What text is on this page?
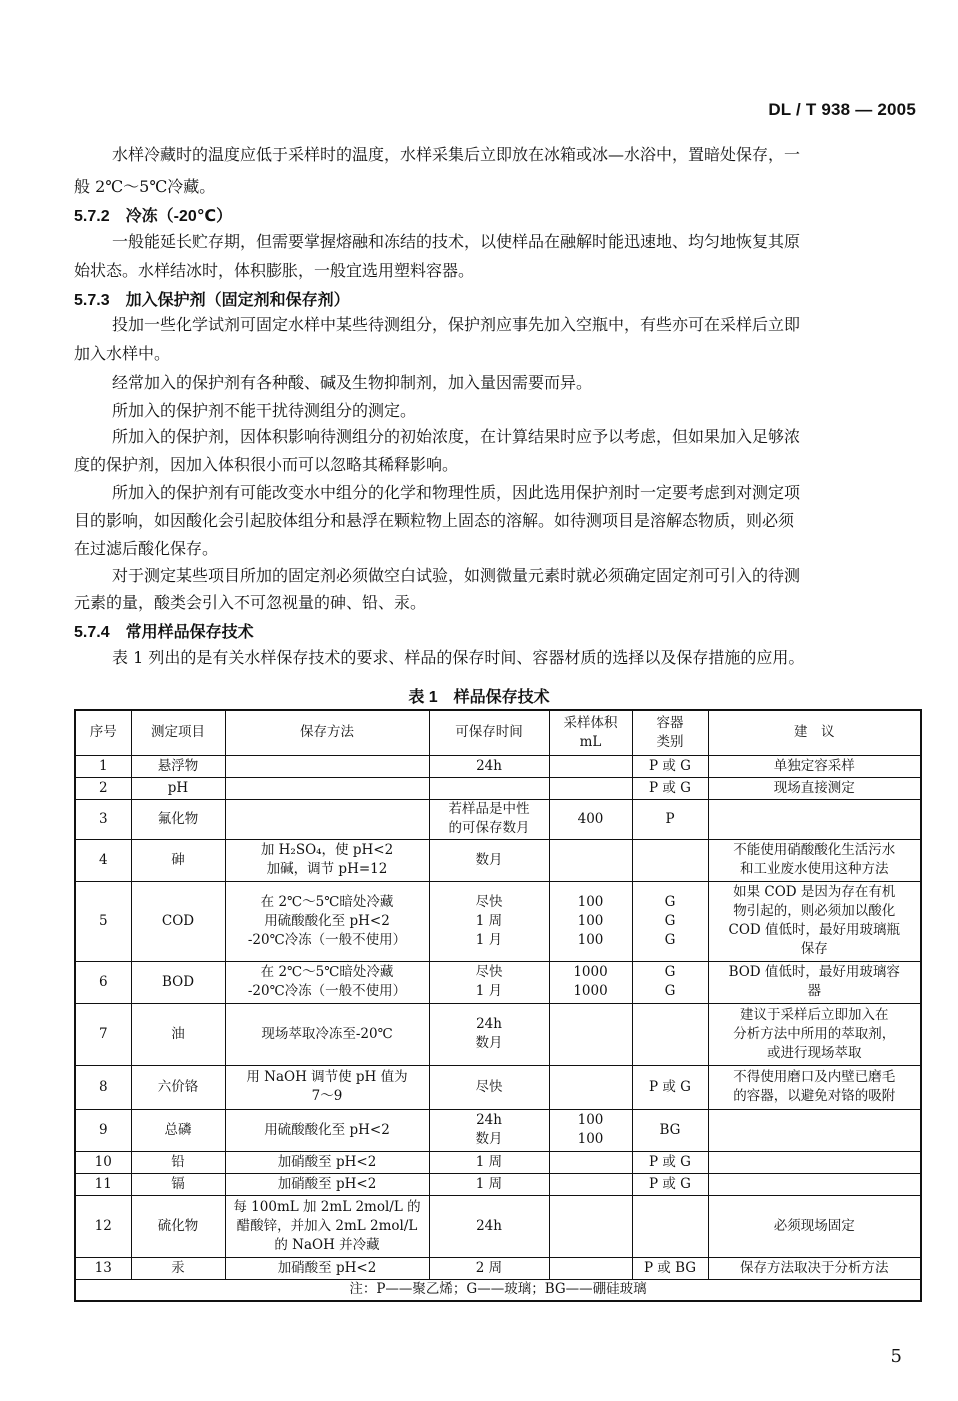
DL / T 938 — 2005
水样冷藏时的温度应低于采样时的温度，水样采集后立即放在冰箱或冰—水浴中，置暗处保存，一
般 2℃～5℃冷藏。
5.7.2　冷冻（-20℃）
一般能延长贮存期，但需要掌握熔融和冻结的技术，以使样品在融解时能迅速地、均匀地恢复其原
始状态。水样结冰时，体积膨胀，一般宜选用塑料容器。
5.7.3　加入保护剂（固定剂和保存剂）
投加一些化学试剂可固定水样中某些待测组分，保护剂应事先加入空瓶中，有些亦可在采样后立即
加入水样中。
经常加入的保护剂有各种酸、碱及生物抑制剂，加入量因需要而异。
所加入的保护剂不能干扰待测组分的测定。
所加入的保护剂，因体积影响待测组分的初始浓度，在计算结果时应予以考虑，但如果加入足够浓
度的保护剂，因加入体积很小而可以忽略其稀释影响。
所加入的保护剂有可能改变水中组分的化学和物理性质，因此选用保护剂时一定要考虑到对测定项
目的影响，如因酸化会引起胶体组分和悬浮在颗粒物上固态的溶解。如待测项目是溶解态物质，则必须
在过滤后酸化保存。
对于测定某些项目所加的固定剂必须做空白试验，如测微量元素时就必须确定固定剂可引入的待测
元素的量，酸类会引入不可忽视量的砷、铅、汞。
5.7.4　常用样品保存技术
表 1 列出的是有关水样保存技术的要求、样品的保存时间、容器材质的选择以及保存措施的应用。
表 1　样品保存技术
序号	测定项目	保存方法	可保存时间	采样体积
mL	容器
类别	建　议
1	悬浮物		24h		P 或 G	单独定容采样
2	pH				P 或 G	现场直接测定
3	氟化物		若样品是中性
的可保存数月	400	P	
4	砷	加 H₂SO₄，使 pH<2
加碱，调节 pH=12	数月			不能使用硝酸酸化生活污水
和工业废水使用这种方法
5	COD	在 2℃～5℃暗处冷藏
用硫酸酸化至 pH<2
-20℃冷冻（一般不使用）	尽快
1 周
1 月	100
100
100	G
G
G	如果 COD 是因为存在有机
物引起的，则必须加以酸化
COD 值低时，最好用玻璃瓶
保存
6	BOD	在 2℃～5℃暗处冷藏
-20℃冷冻（一般不使用）	尽快
1 月	1000
1000	G
G	BOD 值低时，最好用玻璃容
器
7	油	现场萃取冷冻至-20℃	24h
数月			建议于采样后立即加入在
分析方法中所用的萃取剂，
或进行现场萃取
8	六价铬	用 NaOH 调节使 pH 值为
7～9	尽快		P 或 G	不得使用磨口及内壁已磨毛
的容器，以避免对铬的吸附
9	总磷	用硫酸酸化至 pH<2	24h
数月	100
100	BG	
10	铅	加硝酸至 pH<2	1 周		P 或 G	
11	镉	加硝酸至 pH<2	1 周		P 或 G	
12	硫化物	每 100mL 加 2mL 2mol/L 的
醋酸锌，并加入 2mL 2mol/L
的 NaOH 并冷藏	24h			必须现场固定
13	汞	加硝酸至 pH<2	2 周		P 或 BG	保存方法取决于分析方法
注：P——聚乙烯；G——玻璃；BG——硼硅玻璃						
5
